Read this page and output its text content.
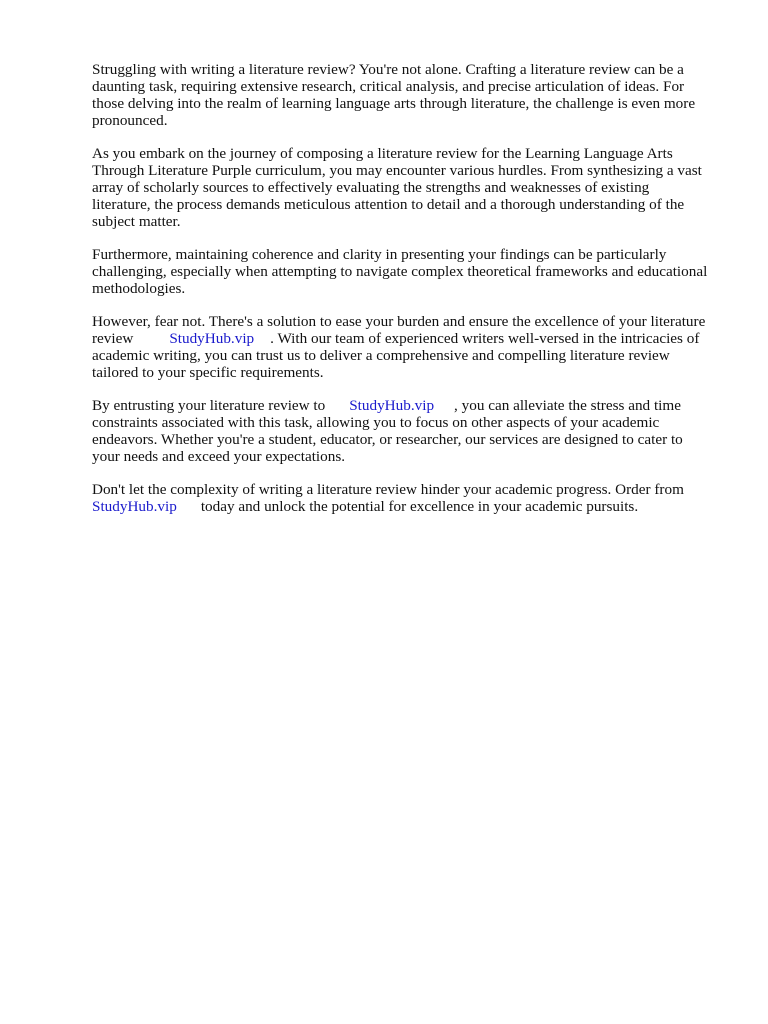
Struggling with writing a literature review? You're not alone. Crafting a literature review can be a
daunting task, requiring extensive research, critical analysis, and precise articulation of ideas. For
those delving into the realm of learning language arts through literature, the challenge is even more
pronounced.

As you embark on the journey of composing a literature review for the Learning Language Arts
Through Literature Purple curriculum, you may encounter various hurdles. From synthesizing a vast
array of scholarly sources to effectively evaluating the strengths and weaknesses of existing
literature, the process demands meticulous attention to detail and a thorough understanding of the
subject matter.

Furthermore, maintaining coherence and clarity in presenting your findings can be particularly
challenging, especially when attempting to navigate complex theoretical frameworks and educational
methodologies.

However, fear not. There's a solution to ease your burden and ensure the excellence of your literature
review StudyHub.vip . With our team of experienced writers well-versed in the intricacies of
academic writing, you can trust us to deliver a comprehensive and compelling literature review
tailored to your specific requirements.

By entrusting your literature review to StudyHub.vip , you can alleviate the stress and time
constraints associated with this task, allowing you to focus on other aspects of your academic
endeavors. Whether you're a student, educator, or researcher, our services are designed to cater to
your needs and exceed your expectations.

Don't let the complexity of writing a literature review hinder your academic progress. Order from
StudyHub.vip today and unlock the potential for excellence in your academic pursuits.
